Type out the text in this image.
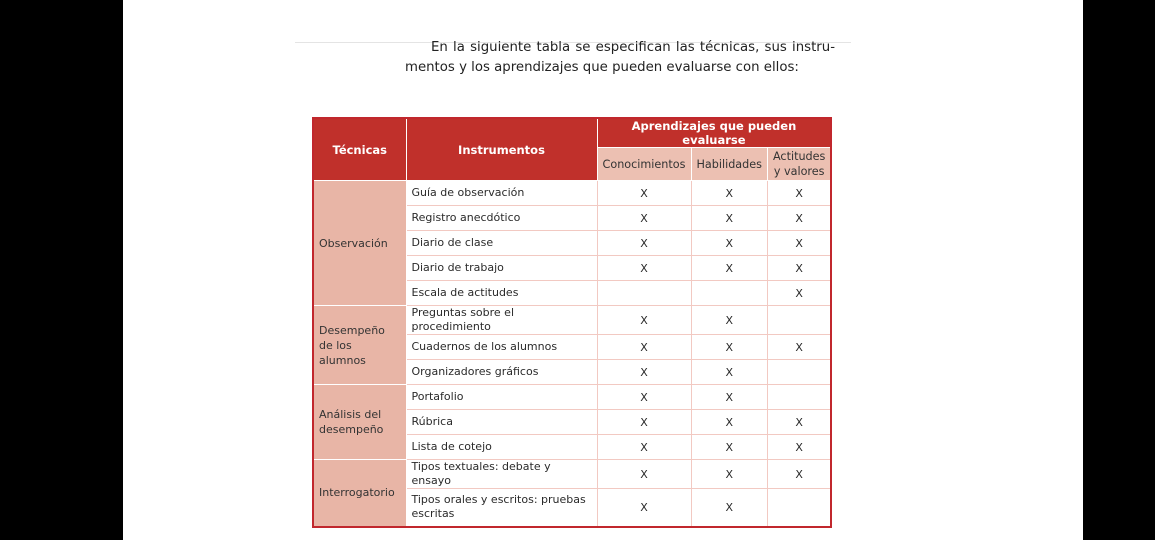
En la siguiente tabla se especifican las técnicas, sus instru-
mentos y los aprendizajes que pueden evaluarse con ellos:
Técnicas	Instrumentos	Aprendizajes que pueden evaluarse		
		Conocimientos	Habilidades	Actitudes y valores
Observación	Guía de observación	X	X	X
	Registro anecdótico	X	X	X
	Diario de clase	X	X	X
	Diario de trabajo	X	X	X
	Escala de actitudes			X
Desempeño de los alumnos	Preguntas sobre el procedimiento	X	X	
	Cuadernos de los alumnos	X	X	X
	Organizadores gráficos	X	X	
Análisis del desempeño	Portafolio	X	X	
	Rúbrica	X	X	X
	Lista de cotejo	X	X	X
Interrogatorio	Tipos textuales: debate y ensayo	X	X	X
	Tipos orales y escritos: pruebas escritas	X	X	
